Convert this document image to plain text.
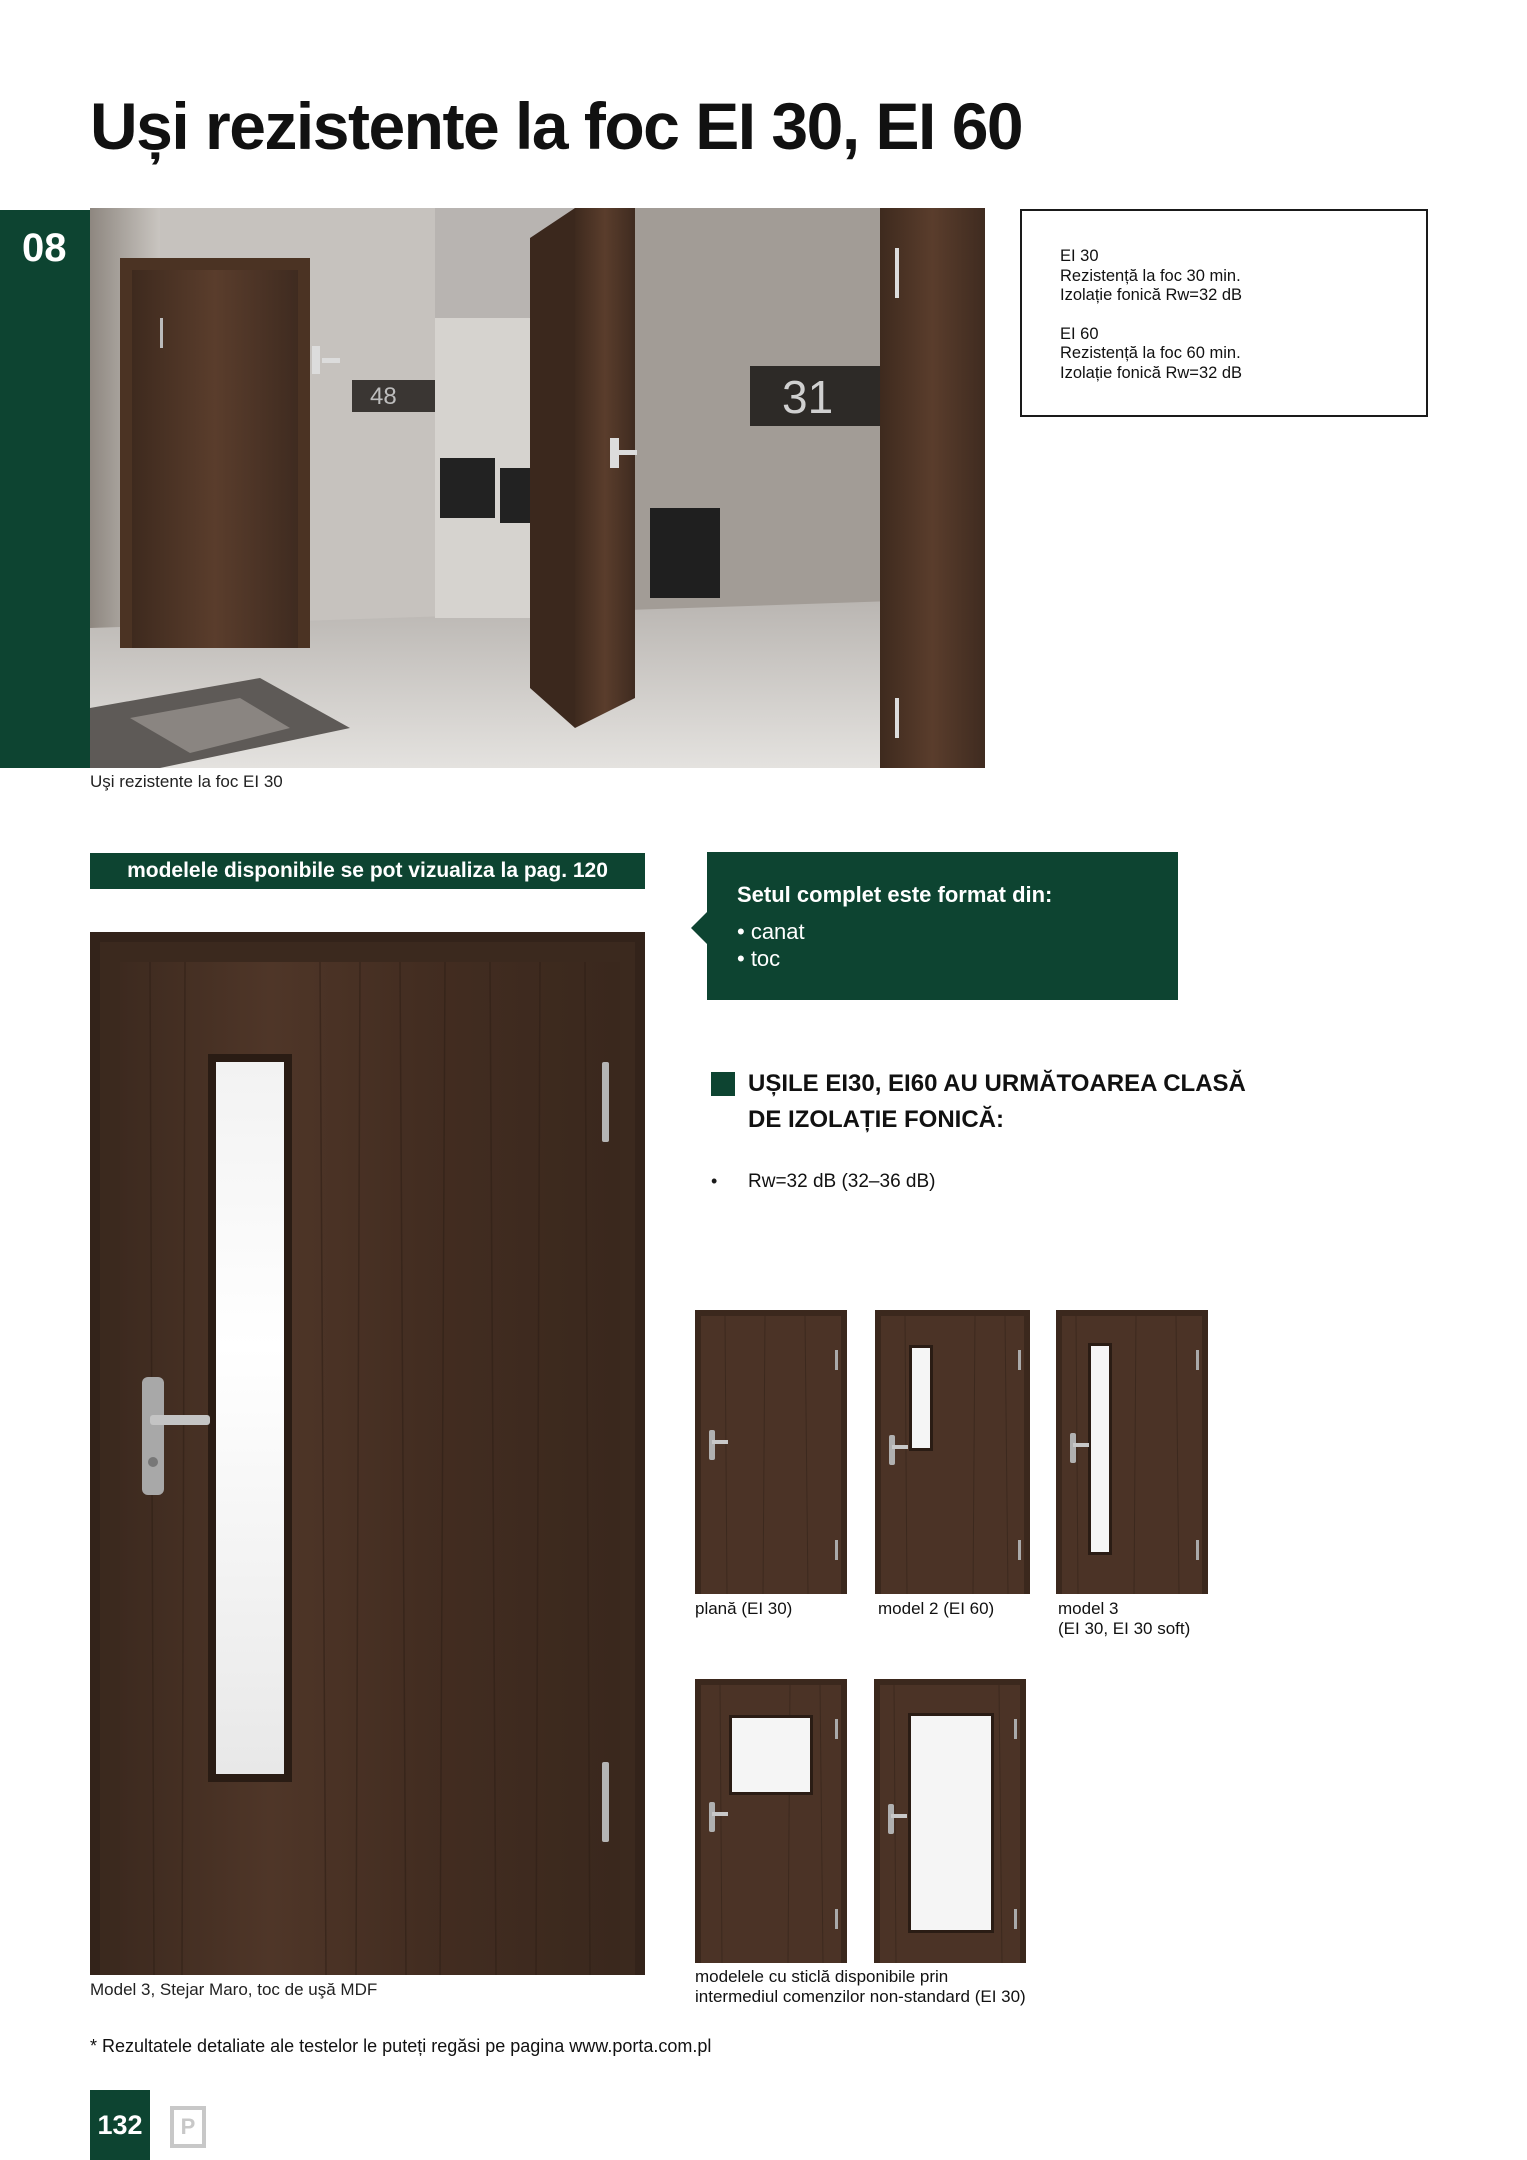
Uși rezistente la foc EI 30, EI 60
08
48	31
Uşi rezistente la foc EI 30
EI 30
Rezistență la foc 30 min.
Izolație fonică Rw=32 dB
EI 60
Rezistență la foc 60 min.
Izolație fonică Rw=32 dB
modelele disponibile se pot vizualiza la pag. 120
Setul complet este format din:
• canat
• toc
Model 3, Stejar Maro, toc de uşă MDF
UȘILE EI30, EI60 AU URMĂTOAREA CLASĂ
DE IZOLAȚIE FONICĂ:
• Rw=32 dB (32–36 dB)
plană (EI 30)	model 2 (EI 60)	model 3
(EI 30, EI 30 soft)
modelele cu sticlă disponibile prin
intermediul comenzilor non-standard (EI 30)
* Rezultatele detaliate ale testelor le puteți regăsi pe pagina www.porta.com.pl
132	P
